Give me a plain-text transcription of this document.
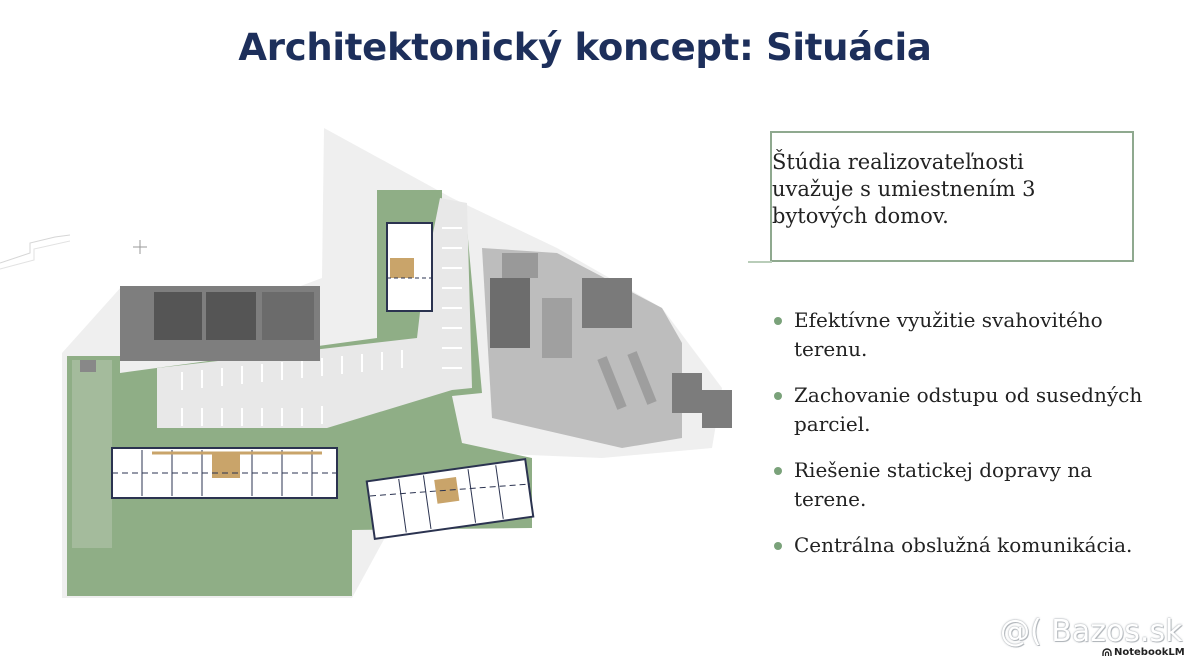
Architektonický koncept: Situácia
Štúdia realizovateľnosti uvažuje s umiestnením 3 bytových domov.
Efektívne využitie svahovitého terenu.
Zachovanie odstupu od susedných parciel.
Riešenie statickej dopravy na terene.
Centrálna obslužná komunikácia.
@( Bazos.sk
NotebookLM
